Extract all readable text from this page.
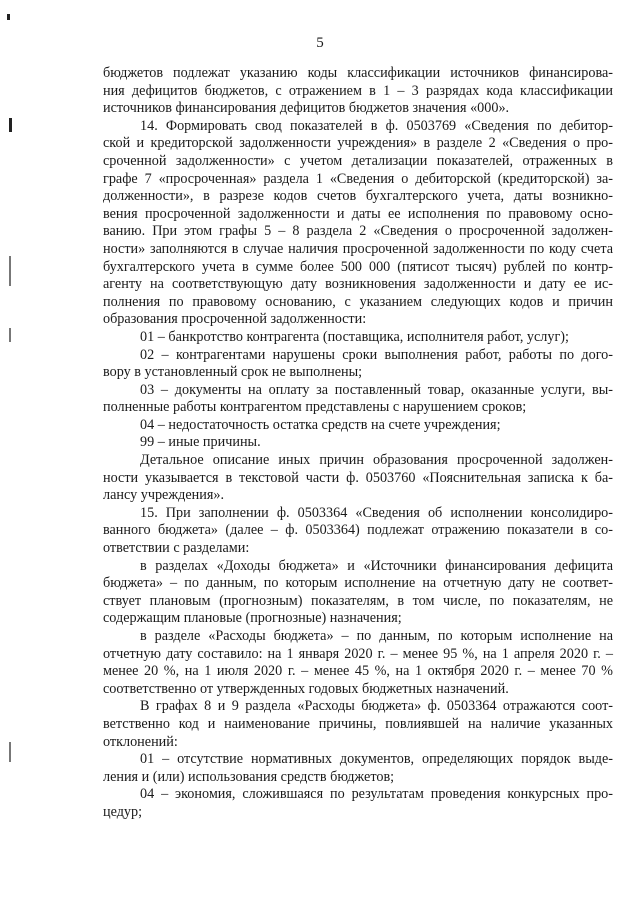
5
бюджетов подлежат указанию коды классификации источников финансирова-
ния дефицитов бюджетов, с отражением в 1 – 3 разрядах кода классификации
источников финансирования дефицитов бюджетов значения «000».
14. Формировать свод показателей в ф. 0503769 «Сведения по дебитор-
ской и кредиторской задолженности учреждения» в разделе 2 «Сведения о про-
сроченной задолженности» с учетом детализации показателей, отраженных в
графе 7 «просроченная» раздела 1 «Сведения о дебиторской (кредиторской) за-
долженности», в разрезе кодов счетов бухгалтерского учета, даты возникно-
вения просроченной задолженности и даты ее исполнения по правовому осно-
ванию. При этом графы 5 – 8 раздела 2 «Сведения о просроченной задолжен-
ности» заполняются в случае наличия просроченной задолженности по коду счета
бухгалтерского учета в сумме более 500 000 (пятисот тысяч) рублей по контр-
агенту на соответствующую дату возникновения задолженности и дату ее ис-
полнения по правовому основанию, с указанием следующих кодов и причин
образования просроченной задолженности:
01 – банкротство контрагента (поставщика, исполнителя работ, услуг);
02 – контрагентами нарушены сроки выполнения работ, работы по дого-
вору в установленный срок не выполнены;
03 – документы на оплату за поставленный товар, оказанные услуги, вы-
полненные работы контрагентом представлены с нарушением сроков;
04 – недостаточность остатка средств на счете учреждения;
99 – иные причины.
Детальное описание иных причин образования просроченной задолжен-
ности указывается в текстовой части ф. 0503760 «Пояснительная записка к ба-
лансу учреждения».
15. При заполнении ф. 0503364 «Сведения об исполнении консолидиро-
ванного бюджета» (далее – ф. 0503364) подлежат отражению показатели в со-
ответствии с разделами:
в разделах «Доходы бюджета» и «Источники финансирования дефицита
бюджета» – по данным, по которым исполнение на отчетную дату не соответ-
ствует плановым (прогнозным) показателям, в том числе, по показателям, не
содержащим плановые (прогнозные) назначения;
в разделе «Расходы бюджета» – по данным, по которым исполнение на
отчетную дату составило: на 1 января 2020 г. – менее 95 %, на 1 апреля 2020 г. –
менее 20 %, на 1 июля 2020 г. – менее 45 %, на 1 октября 2020 г. – менее 70 %
соответственно от утвержденных годовых бюджетных назначений.
В графах 8 и 9 раздела «Расходы бюджета» ф. 0503364 отражаются соот-
ветственно код и наименование причины, повлиявшей на наличие указанных
отклонений:
01 – отсутствие нормативных документов, определяющих порядок выде-
ления и (или) использования средств бюджетов;
04 – экономия, сложившаяся по результатам проведения конкурсных про-
цедур;
